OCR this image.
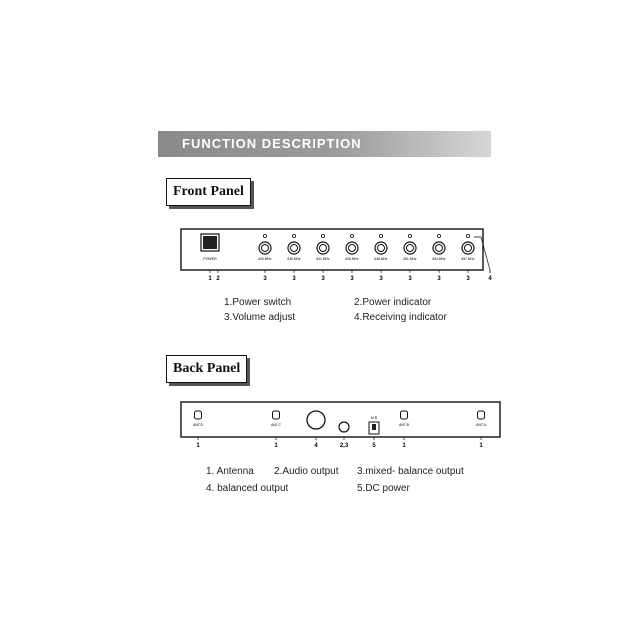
FUNCTION DESCRIPTION
Front Panel
Back Panel
POWER	630.MHz	638.MHz	641.MHz	645.MHz	648.MHz	651.MHz	654.MHz	657.MHz
1 2	3	3	3	3	3	3	3	3	4
ANT.D	ANT.C	ANT.B	ANT.A
M B
1	1	4	2,3	5	1	1
1.Power switch	2.Power indicator
3.Volume adjust	4.Receiving indicator
1. Antenna 2.Audio output 3.mixed- balance output
4. balanced output	5.DC power
